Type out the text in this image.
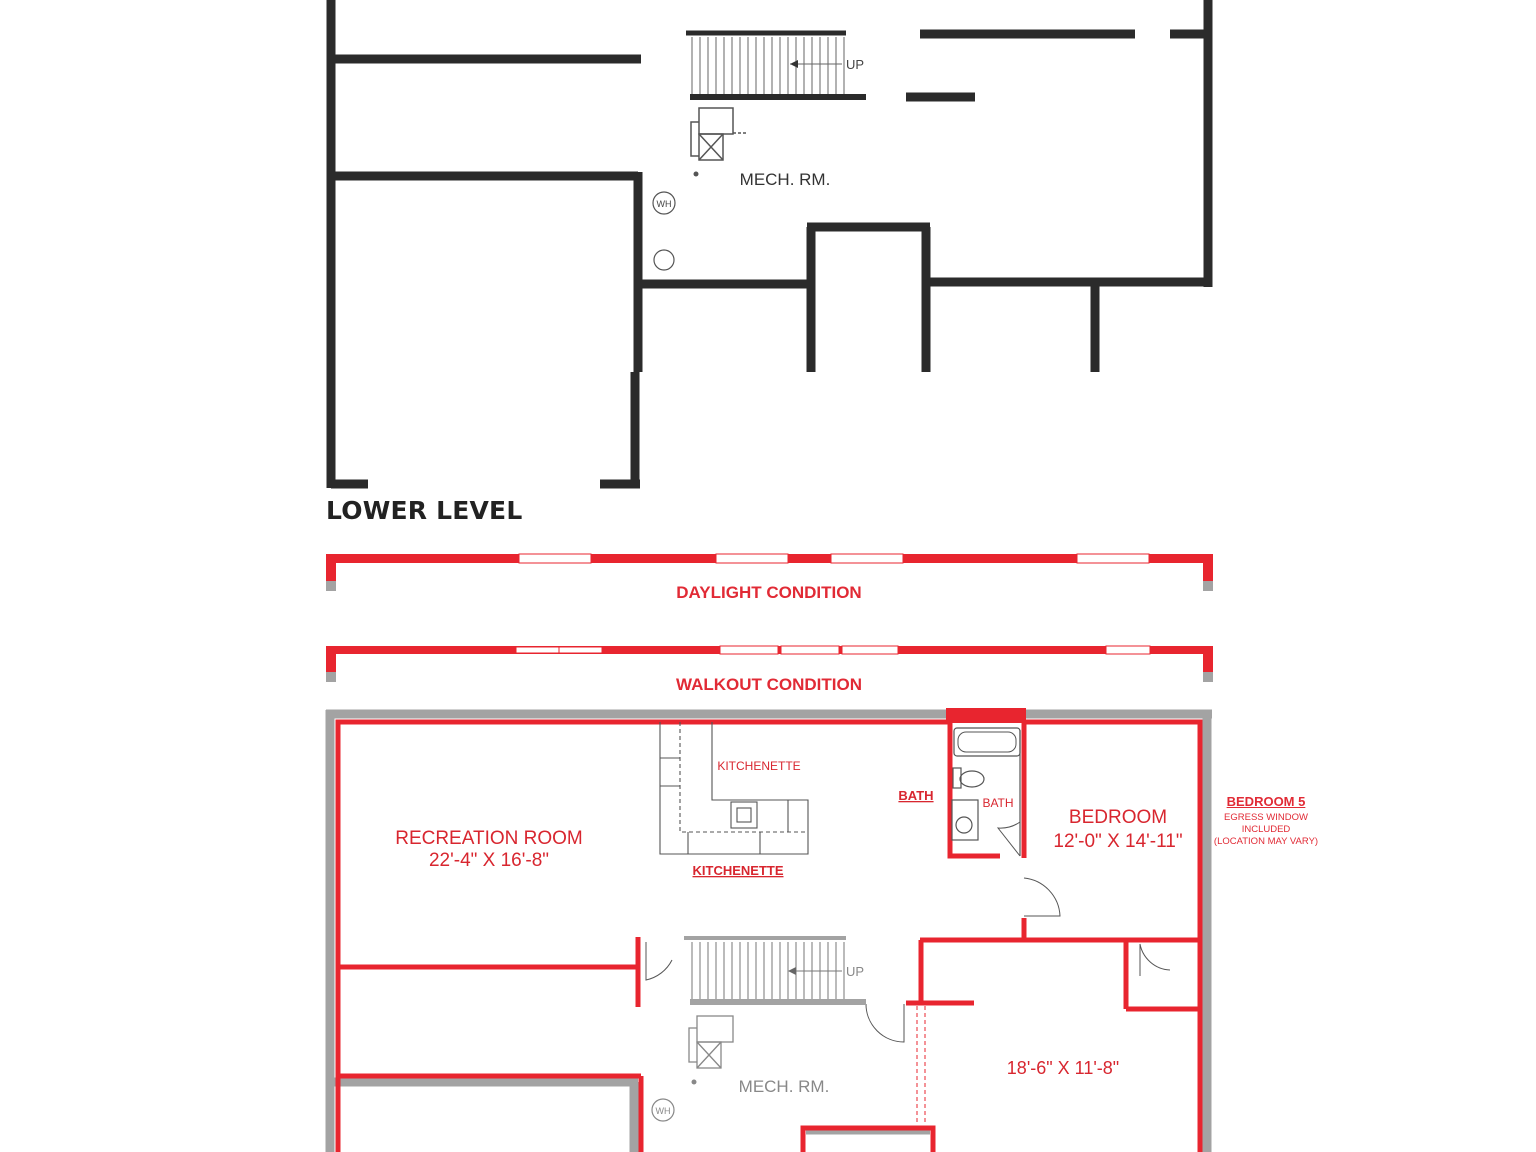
MECH. RM.
UP
WH
RECREATION ROOM
22'-4" X 16'-8"
BEDROOM
12'-0" X 14'-11"
18'-6" X 11'-8"
KITCHENETTE
KITCHENETTE
BATH
BATH
MECH. RM.
UP
WH
LOWER LEVEL

DAYLIGHT CONDITION

WALKOUT CONDITION

BEDROOM 5
EGRESS WINDOW
INCLUDED
(LOCATION MAY VARY)
